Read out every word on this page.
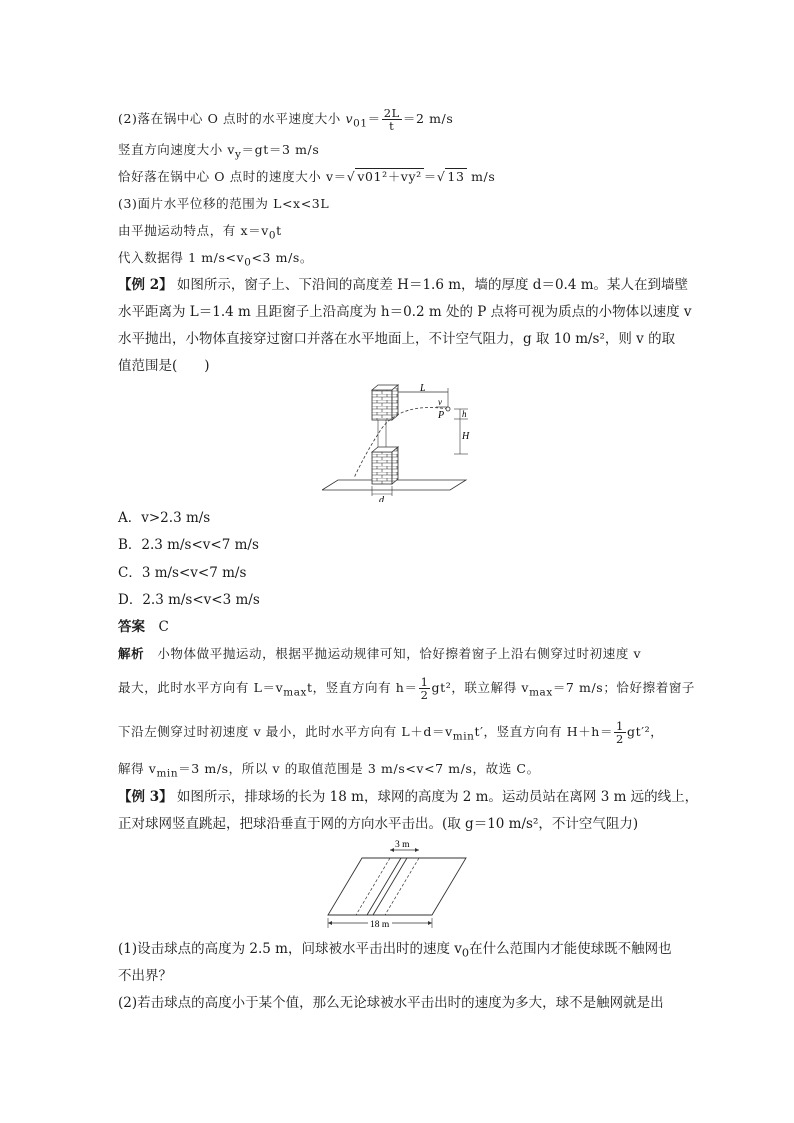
(2)落在锅中心 O 点时的水平速度大小 $v_{01}= \frac{2L}{t} =2$ m/s
竖直方向速度大小 $v_y=gt=3$ m/s
恰好落在锅中心 O 点时的速度大小 v＝√ v01²＋vy² ＝√ 13 m/s
(3)面片水平位移的范围为 L<x<3L
由平抛运动特点，有 $x=v_0t$
代入数据得 1 $m/s<v_0<3$ m/s。
【例 2】 如图所示，窗子上、下沿间的高度差 H＝1.6 m，墙的厚度 d＝0.4 m。某人在到墙壁
水平距离为 L＝1.4 m 且距窗子上沿高度为 h＝0.2 m 处的 P 点将可视为质点的小物体以速度 v
水平抛出，小物体直接穿过窗口并落在水平地面上，不计空气阻力，g 取 10 m/s²，则 v 的取
值范围是(　　)
L
v
P h
H
d
A．v>2.3 m/s
B．2.3 m/s<v<7 m/s
C．3 m/s<v<7 m/s
D．2.3 m/s<v<3 m/s
答案　 C
解析　 小物体做平抛运动，根据平抛运动规律可知，恰好擦着窗子上沿右侧穿过时初速度 v
最大，此时水平方向有 $L=v_{max}t$，竖直方向有 $h= \frac{1}{2} gt^2$，联立解得 $v_{max}=7$ m/s；恰好擦着窗子
下沿左侧穿过时初速度 v 最小，此时水平方向有 $L+d=v_{min}t'$，竖直方向有 $H+h= \frac{1}{2} gt'^2$，
解得 $v_{min}=3$ m/s，所以 v 的取值范围是 3 m/s<v<7 m/s，故选 C。
【例 3】 如图所示，排球场的长为 18 m，球网的高度为 2 m。运动员站在离网 3 m 远的线上，
正对球网竖直跳起，把球沿垂直于网的方向水平击出。(取 g＝10 m/s²，不计空气阻力)
3 m
18 m
(1)设击球点的高度为 2.5 m，问球被水平击出时的速度 $v_0$在什么范围内才能使球既不触网也
不出界？
(2)若击球点的高度小于某个值，那么无论球被水平击出时的速度为多大，球不是触网就是出
